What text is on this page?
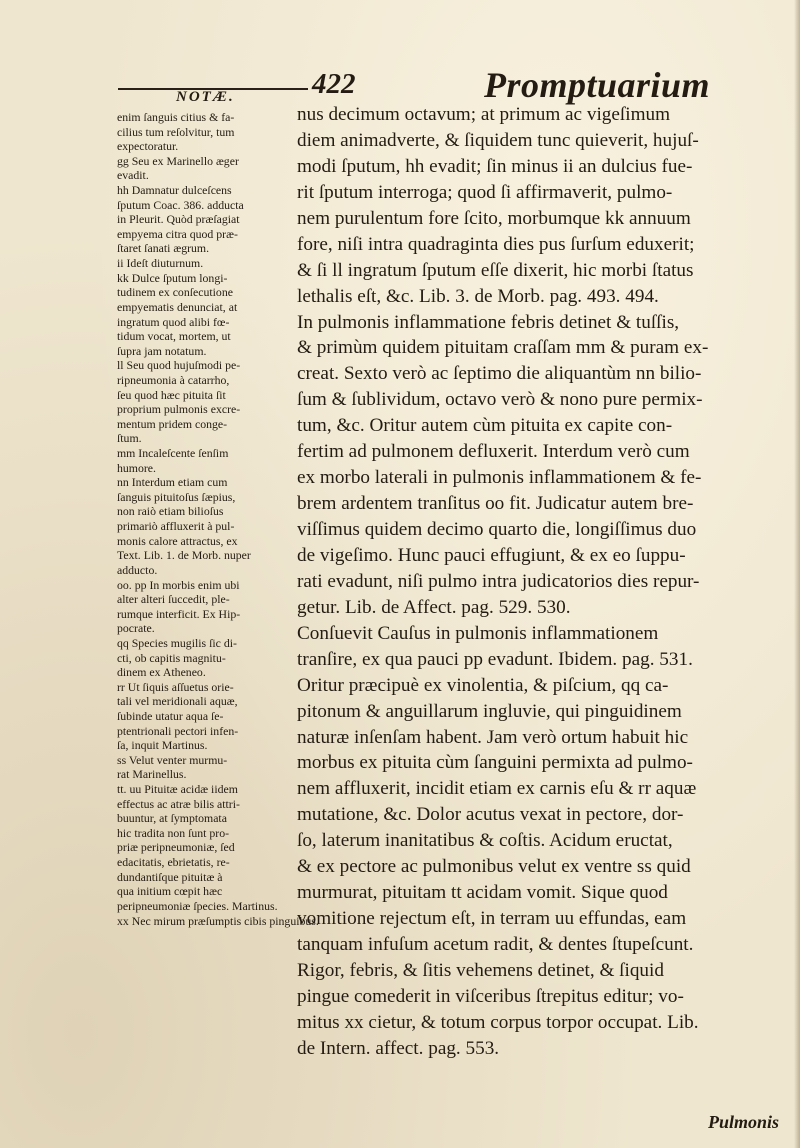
NOTÆ.	422	Promptuarium
enim ſanguis citius & fa-
cilius tum reſolvitur, tum
expectoratur.
gg Seu ex Marinello æger
evadit.
hh Damnatur dulceſcens
ſputum Coac. 386. adducta
in Pleurit. Quòd præſagiat
empyema citra quod præ-
ſtaret ſanati ægrum.
ii Ideſt diuturnum.
kk Dulce ſputum longi-
tudinem ex conſecutione
empyematis denunciat, at
ingratum quod alibi fœ-
tidum vocat, mortem, ut
ſupra jam notatum.
ll Seu quod hujuſmodi pe-
ripneumonia à catarrho,
ſeu quod hæc pituita ſit
proprium pulmonis excre-
mentum pridem conge-
ſtum.
mm Incaleſcente ſenſim
humore.
nn Interdum etiam cum
ſanguis pituitoſus ſæpius,
non raiò etiam bilioſus
primariò affluxerit à pul-
monis calore attractus, ex
Text. Lib. 1. de Morb. nuper
adducto.
oo. pp In morbis enim ubi
alter alteri ſuccedit, ple-
rumque interficit. Ex Hip-
pocrate.
qq Species mugilis ſic di-
cti, ob capitis magnitu-
dinem ex Atheneo.
rr Ut ſiquis aſſuetus orie-
tali vel meridionali aquæ,
ſubinde utatur aqua ſe-
ptentrionali pectori infen-
ſa, inquit Martinus.
ss Velut venter murmu-
rat Marinellus.
tt. uu Pituitæ acidæ iidem
effectus ac atræ bilis attri-
buuntur, at ſymptomata
hic tradita non ſunt pro-
priæ peripneumoniæ, ſed
edacitatis, ebrietatis, re-
dundantiſque pituitæ à
qua initium cœpit hæc
peripneumoniæ ſpecies. Martinus.
xx Nec mirum præſumptis cibis pinguibus.
nus decimum octavum; at primum ac vigeſimum
diem animadverte, & ſiquidem tunc quieverit, hujuſ-
modi ſputum, hh evadit; ſin minus ii an dulcius fue-
rit ſputum interroga; quod ſi affirmaverit, pulmo-
nem purulentum fore ſcito, morbumque kk annuum
fore, niſi intra quadraginta dies pus ſurſum eduxerit;
& ſi ll ingratum ſputum eſſe dixerit, hic morbi ſtatus
lethalis eſt, &c. Lib. 3. de Morb. pag. 493. 494.
In pulmonis inflammatione febris detinet & tuſſis,
& primùm quidem pituitam craſſam mm & puram ex-
creat. Sexto verò ac ſeptimo die aliquantùm nn bilio-
ſum & ſublividum, octavo verò & nono pure permix-
tum, &c. Oritur autem cùm pituita ex capite con-
fertim ad pulmonem defluxerit. Interdum verò cum
ex morbo laterali in pulmonis inflammationem & fe-
brem ardentem tranſitus oo fit. Judicatur autem bre-
viſſimus quidem decimo quarto die, longiſſimus duo
de vigeſimo. Hunc pauci effugiunt, & ex eo ſuppu-
rati evadunt, niſi pulmo intra judicatorios dies repur-
getur. Lib. de Affect. pag. 529. 530.
Conſuevit Cauſus in pulmonis inflammationem
tranſire, ex qua pauci pp evadunt. Ibidem. pag. 531.
Oritur præcipuè ex vinolentia, & piſcium, qq ca-
pitonum & anguillarum ingluvie, qui pinguidinem
naturæ inſenſam habent. Jam verò ortum habuit hic
morbus ex pituita cùm ſanguini permixta ad pulmo-
nem affluxerit, incidit etiam ex carnis eſu & rr aquæ
mutatione, &c. Dolor acutus vexat in pectore, dor-
ſo, laterum inanitatibus & coſtis. Acidum eructat,
& ex pectore ac pulmonibus velut ex ventre ss quid
murmurat, pituitam tt acidam vomit. Sique quod
vomitione rejectum eſt, in terram uu effundas, eam
tanquam infuſum acetum radit, & dentes ſtupeſcunt.
Rigor, febris, & ſitis vehemens detinet, & ſiquid
pingue comederit in viſceribus ſtrepitus editur; vo-
mitus xx cietur, & totum corpus torpor occupat. Lib.
de Intern. affect. pag. 553.
Pulmonis
